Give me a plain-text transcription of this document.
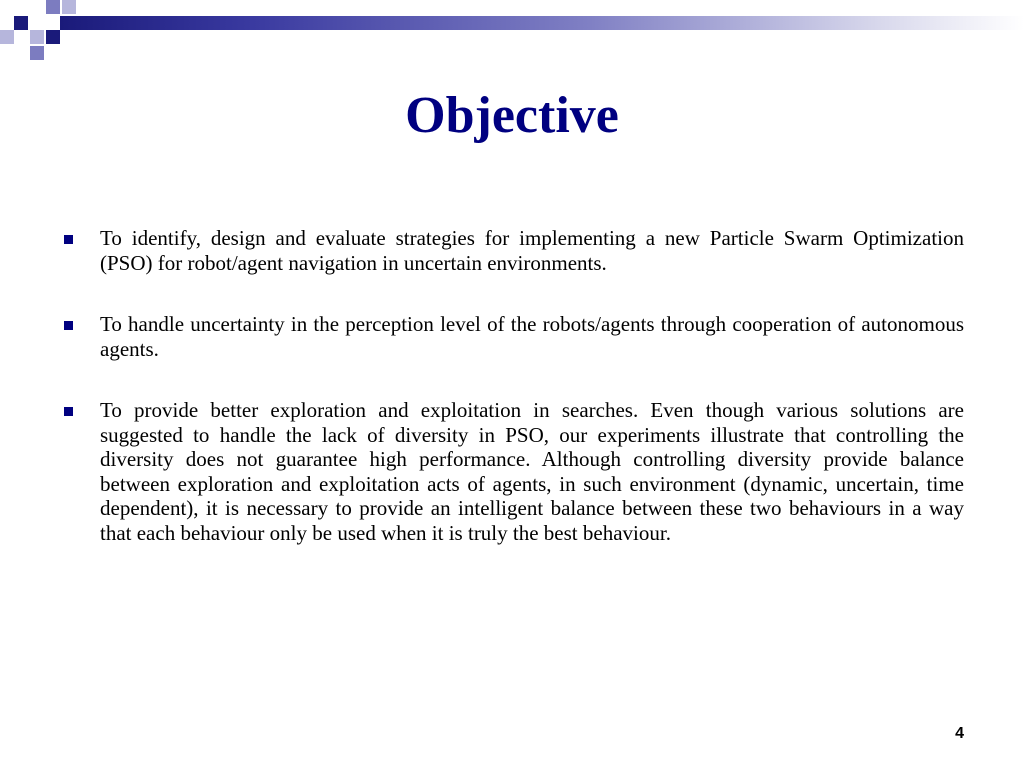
Objective
To identify, design and evaluate strategies for implementing a new Particle Swarm Optimization (PSO) for robot/agent navigation in uncertain environments.
To handle uncertainty in the perception level of the robots/agents through cooperation of autonomous agents.
To provide better exploration and exploitation in searches. Even though various solutions are suggested to handle the lack of diversity in PSO, our experiments illustrate that controlling the diversity does not guarantee high performance. Although controlling diversity provide balance between exploration and exploitation acts of agents, in such environment (dynamic, uncertain, time dependent), it is necessary to provide an intelligent balance between these two behaviours in a way that each behaviour only be used when it is truly the best behaviour.
4
